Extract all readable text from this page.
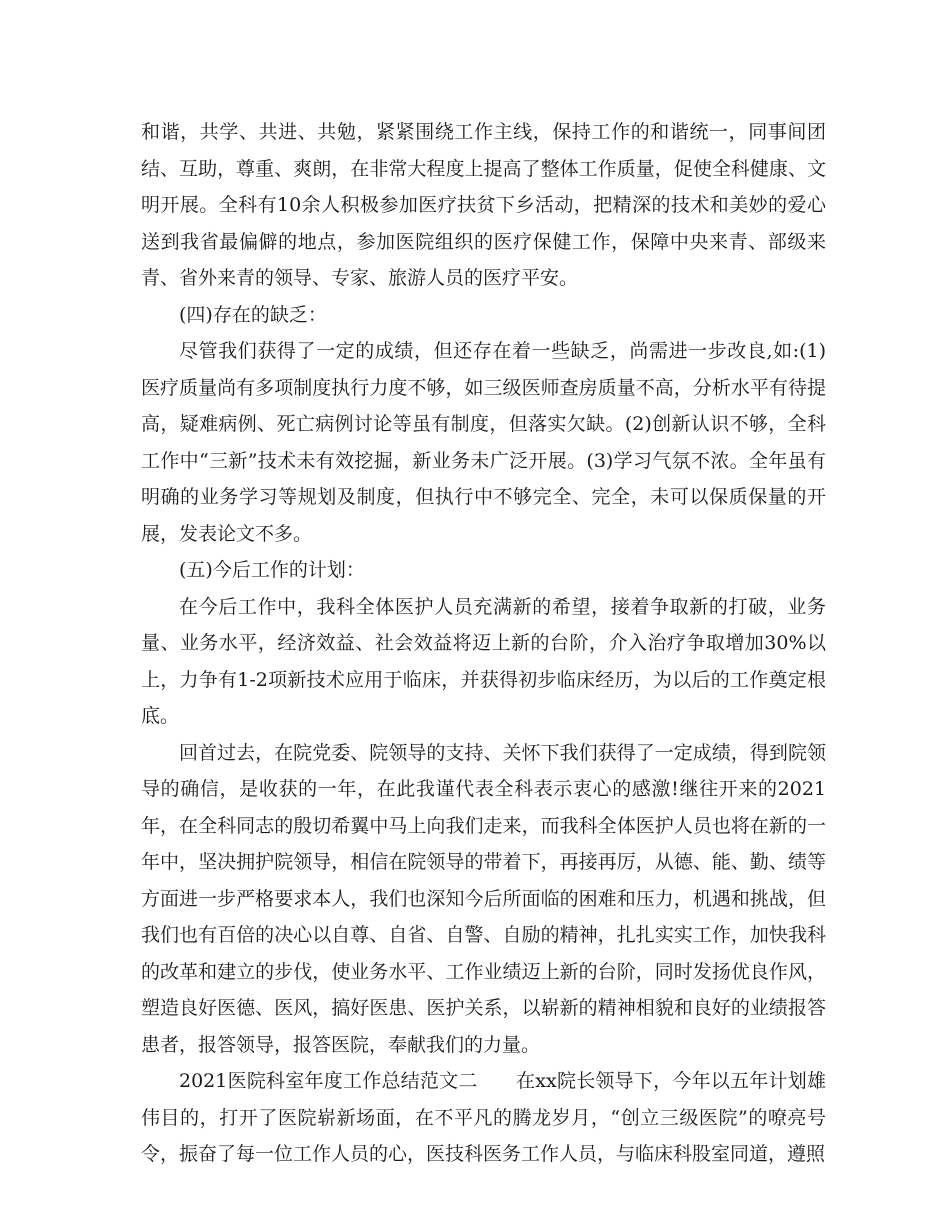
和谐，共学、共进、共勉，紧紧围绕工作主线，保持工作的和谐统一，同事间团结、互助，尊重、爽朗，在非常大程度上提高了整体工作质量，促使全科健康、文明开展。全科有10余人积极参加医疗扶贫下乡活动，把精深的技术和美妙的爱心送到我省最偏僻的地点，参加医院组织的医疗保健工作，保障中央来青、部级来青、省外来青的领导、专家、旅游人员的医疗平安。

(四)存在的缺乏：

尽管我们获得了一定的成绩，但还存在着一些缺乏，尚需进一步改良,如:(1)医疗质量尚有多项制度执行力度不够，如三级医师查房质量不高，分析水平有待提高，疑难病例、死亡病例讨论等虽有制度，但落实欠缺。(2)创新认识不够，全科工作中“三新”技术未有效挖掘，新业务未广泛开展。(3)学习气氛不浓。全年虽有明确的业务学习等规划及制度，但执行中不够完全、完全，未可以保质保量的开展，发表论文不多。

(五)今后工作的计划：

在今后工作中，我科全体医护人员充满新的希望，接着争取新的打破，业务量、业务水平，经济效益、社会效益将迈上新的台阶，介入治疗争取增加30%以上，力争有1-2项新技术应用于临床，并获得初步临床经历，为以后的工作奠定根底。

回首过去，在院党委、院领导的支持、关怀下我们获得了一定成绩，得到院领导的确信，是收获的一年，在此我谨代表全科表示衷心的感激!继往开来的2021年，在全科同志的殷切希翼中马上向我们走来，而我科全体医护人员也将在新的一年中，坚决拥护院领导，相信在院领导的带着下，再接再厉，从德、能、勤、绩等方面进一步严格要求本人，我们也深知今后所面临的困难和压力，机遇和挑战，但我们也有百倍的决心以自尊、自省、自警、自励的精神，扎扎实实工作，加快我科的改革和建立的步伐，使业务水平、工作业绩迈上新的台阶，同时发扬优良作风，塑造良好医德、医风，搞好医患、医护关系，以崭新的精神相貌和良好的业绩报答患者，报答领导，报答医院，奉献我们的力量。

2021医院科室年度工作总结范文二　　在xx院长领导下，今年以五年计划雄伟目的，打开了医院崭新场面，在不平凡的腾龙岁月，“创立三级医院”的嘹亮号令，振奋了每一位工作人员的心，医技科医务工作人员，与临床科股室同道，遵照
